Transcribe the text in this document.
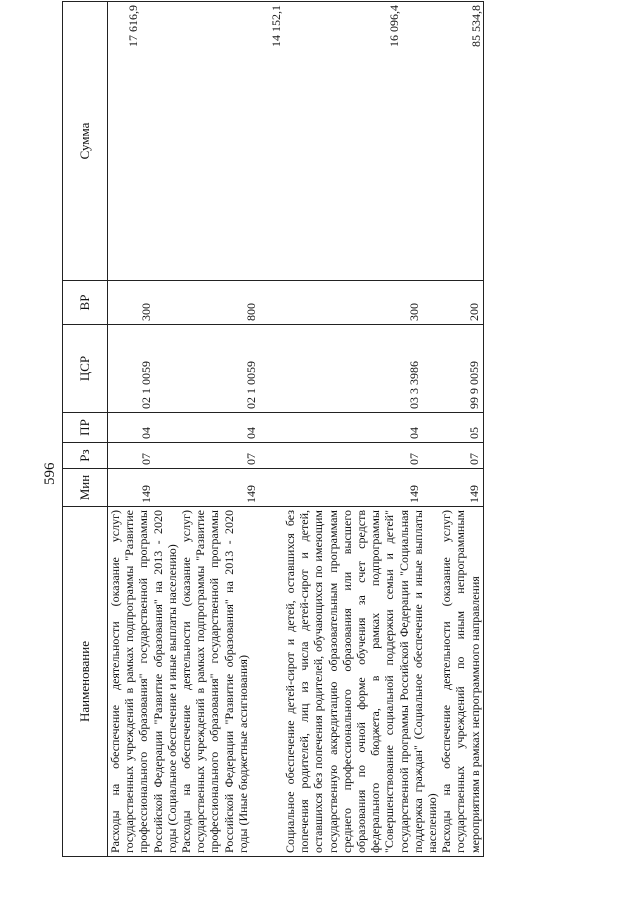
596
Наименование	Мин	Рз	ПР	ЦСР	ВР	Сумма
Расходы на обеспечение деятельности (оказание услуг) государственных учреждений в рамках подпрограммы "Развитие профессионального образования" государственной программы Российской Федерации "Развитие образования" на 2013 - 2020 годы (Социальное обеспечение и иные выплаты населению)	149	07	04	02 1 0059	300	17 616,9
Расходы на обеспечение деятельности (оказание услуг) государственных учреждений в рамках подпрограммы "Развитие профессионального образования" государственной программы Российской Федерации "Развитие образования" на 2013 - 2020 годы (Иные бюджетные ассигнования)	149	07	04	02 1 0059	800	14 152,1
Социальное обеспечение детей-сирот и детей, оставшихся без попечения родителей, лиц из числа детей-сирот и детей, оставшихся без попечения родителей, обучающихся по имеющим государственную аккредитацию образовательным программам среднего профессионального образования или высшего образования по очной форме обучения за счет средств федерального бюджета, в рамках подпрограммы "Совершенствование социальной поддержки семьи и детей" государственной программы Российской Федерации "Социальная поддержка граждан" (Социальное обеспечение и иные выплаты населению)	149	07	04	03 3 3986	300	16 096,4
Расходы на обеспечение деятельности (оказание услуг) государственных учреждений по иным непрограммным мероприятиям в рамках непрограммного направления	149	07	05	99 9 0059	200	85 534,8
